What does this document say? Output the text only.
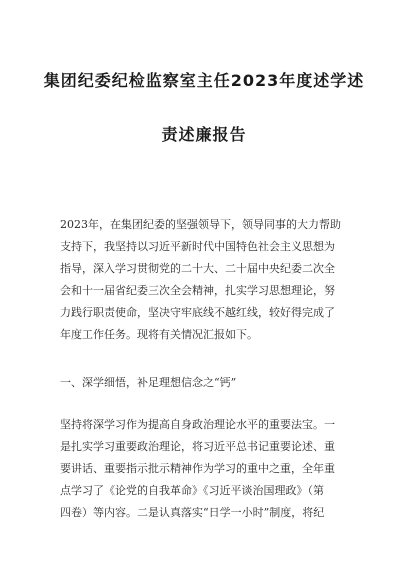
集团纪委纪检监察室主任2023年度述学述
责述廉报告
2023年，在集团纪委的坚强领导下，领导同事的大力帮助
支持下，我坚持以习近平新时代中国特色社会主义思想为
指导，深入学习贯彻党的二十大、二十届中央纪委二次全
会和十一届省纪委三次全会精神，扎实学习思想理论，努
力践行职责使命，坚决守牢底线不越红线，较好得完成了
年度工作任务。现将有关情况汇报如下。
一、深学细悟，补足理想信念之“钙”
坚持将深学习作为提高自身政治理论水平的重要法宝。一
是扎实学习重要政治理论，将习近平总书记重要论述、重
要讲话、重要指示批示精神作为学习的重中之重，全年重
点学习了《论党的自我革命》《习近平谈治国理政》（第
四卷）等内容。二是认真落实“日学一小时”制度，将纪
